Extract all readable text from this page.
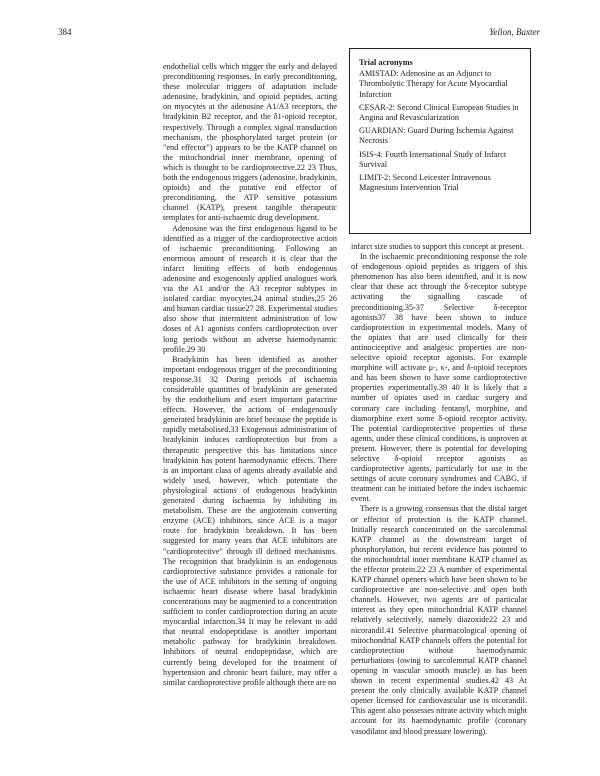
384	Yellon, Baxter

endothelial cells which trigger the early and delayed preconditioning responses. In early preconditioning, these molecular triggers of adaptation include adenosine, bradykinin, and opioid peptides, acting on myocytes at the adenosine A1/A3 receptors, the bradykinin B2 receptor, and the δ1-opioid receptor, respectively. Through a complex signal transduction mechanism, the phosphorylated target protein (or "end effector") appears to be the KATP channel on the mitochondrial inner membrane, opening of which is thought to be cardioprotective.22 23 Thus, both the endogenous triggers (adenosine, bradykinin, opioids) and the putative end effector of preconditioning, the ATP sensitive potassium channel (KATP), present tangible therapeutic templates for anti-ischaemic drug development.

Adenosine was the first endogenous ligand to be identified as a trigger of the cardioprotective action of ischaemic preconditioning. Following an enormous amount of research it is clear that the infarct limiting effects of both endogenous adenosine and exogenously applied analogues work via the A1 and/or the A3 receptor subtypes in isolated cardiac myocytes,24 animal studies,25 26 and human cardiac tissue27 28. Experimental studies also show that intermittent administration of low doses of A1 agonists confers cardioprotection over long periods without an adverse haemodynamic profile.29 30

Bradykinin has been identified as another important endogenous trigger of the preconditioning response.31 32 During periods of ischaemia considerable quantities of bradykinin are generated by the endothelium and exert important paracrine effects. However, the actions of endogenously generated bradykinin are brief because the peptide is rapidly metabolised.33 Exogenous administration of bradykinin induces cardioprotection but from a therapeutic perspective this has limitations since bradykinin has potent haemodynamic effects. There is an important class of agents already available and widely used, however, which potentiate the physiological actions of endogenous bradykinin generated during ischaemia by inhibiting its metabolism. These are the angiotensin converting enzyme (ACE) inhibitors, since ACE is a major route for bradykinin breakdown. It has been suggested for many years that ACE inhibitors are "cardioprotective" through ill defined mechanisms. The recognition that bradykinin is an endogenous cardioprotective substance provides a rationale for the use of ACE inhibitors in the setting of ongoing ischaemic heart disease where basal bradykinin concentrations may be augmented to a concentration sufficient to confer cardioprotection during an acute myocardial infarction.34 It may be relevant to add that neutral endopeptidase is another important metabolic pathway for bradykinin breakdown. Inhibitors of neutral endopeptidase, which are currently being developed for the treatment of hypertension and chronic heart failure, may offer a similar cardioprotective profile although there are no

Trial acronyms
AMISTAD: Adenosine as an Adjunct to Thrombolytic Therapy for Acute Myocardial Infarction
CESAR-2: Second Clinical European Studies in Angina and Revascularization
GUARDIAN: Guard During Ischemia Against Necrosis
ISIS-4: Fourth International Study of Infarct Survival
LIMIT-2: Second Leicester Intravenous Magnesium Intervention Trial

infarct size studies to support this concept at present.

In the ischaemic preconditioning response the role of endogenous opioid peptides as triggers of this phenomenon has also been identified, and it is now clear that these act through the δ-receptor subtype activating the signalling cascade of preconditioning.35-37 Selective δ-receptor agonists37 38 have been shown to induce cardioprotection in experimental models. Many of the opiates that are used clinically for their antinociceptive and analgesic properties are non-selective opioid receptor agonists. For example morphine will activate μ-, κ-, and δ-opioid receptors and has been shown to have some cardioprotective properties experimentally.39 40 It is likely that a number of opiates used in cardiac surgery and coronary care including fentanyl, morphine, and diamorphine exert some δ-opioid receptor activity. The potential cardioprotective properties of these agents, under these clinical conditions, is unproven at present. However, there is potential for developing selective δ-opioid receptor agonists as cardioprotective agents, particularly for use in the settings of acute coronary syndromes and CABG, if treatment can be initiated before the index ischaemic event.

There is a growing consensus that the distal target or effector of protection is the KATP channel. Initially research concentrated on the sarcolemmal KATP channel as the downstream target of phosphorylation, but recent evidence has pointed to the mitochondrial inner membrane KATP channel as the effector protein.22 23 A number of experimental KATP channel openers which have been shown to be cardioprotective are non-selective and open both channels. However, two agents are of particular interest as they open mitochondrial KATP channel relatively selectively, namely diazoxide22 23 and nicorandil.41 Selective pharmacological opening of mitochondrial KATP channels offers the potential for cardioprotection without haemodynamic perturbations (owing to sarcolemmal KATP channel opening in vascular smooth muscle) as has been shown in recent experimental studies.42 43 At present the only clinically available KATP channel opener licensed for cardiovascular use is nicorandil. This agent also possesses nitrate activity which might account for its haemodynamic profile (coronary vasodilator and blood pressure lowering).
